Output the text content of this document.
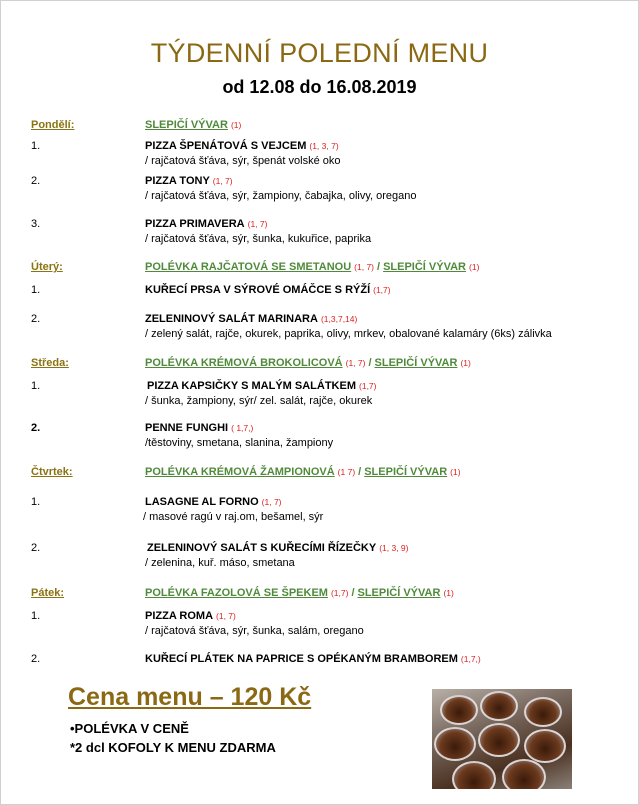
TÝDENNÍ POLEDNÍ MENU
od 12.08 do 16.08.2019
Pondělí:	SLEPIČÍ VÝVAR (1)
1.	PIZZA ŠPENÁTOVÁ S VEJCEM (1, 3, 7)
/ rajčatová šťáva, sýr, špenát volské oko
2.	PIZZA TONY (1, 7)
/ rajčatová šťáva, sýr, žampiony, čabajka, olivy, oregano
3.	PIZZA PRIMAVERA (1, 7)
/ rajčatová šťáva, sýr, šunka, kukuřice, paprika
Úterý:	POLÉVKA RAJČATOVÁ SE SMETANOU (1, 7) / SLEPIČÍ VÝVAR (1)
1.	KUŘECÍ PRSA V SÝROVÉ OMÁČCE S RÝŽÍ (1,7)
2.	ZELENINOVÝ SALÁT MARINARA (1,3,7,14)
/ zelený salát, rajče, okurek, paprika, olivy, mrkev, obalované kalamáry (6ks) zálivka
Středa:	POLÉVKA KRÉMOVÁ BROKOLICOVÁ (1, 7) / SLEPIČÍ VÝVAR (1)
1.	PIZZA KAPSIČKY S MALÝM SALÁTKEM (1,7)
/ šunka, žampiony, sýr/ zel. salát, rajče, okurek
2.	PENNE FUNGHI ( 1,7,)
/těstoviny, smetana, slanina, žampiony
Čtvrtek:	POLÉVKA KRÉMOVÁ ŽAMPIONOVÁ (1 7) / SLEPIČÍ VÝVAR (1)
1.	LASAGNE AL FORNO (1, 7)
/ masové ragú v raj.om, bešamel, sýr
2.	ZELENINOVÝ SALÁT S KUŘECÍMI ŘÍZEČKY (1, 3, 9)
/ zelenina, kuř. máso, smetana
Pátek:	POLÉVKA FAZOLOVÁ SE ŠPEKEM (1,7) / SLEPIČÍ VÝVAR (1)
1.	PIZZA ROMA (1, 7)
/ rajčatová šťáva, sýr, šunka, salám, oregano
2.	KUŘECÍ PLÁTEK NA PAPRICE S OPÉKANÝM BRAMBOREM (1,7,)
Cena menu – 120 Kč
•POLÉVKA V CENĚ
*2 dcl KOFOLY K MENU ZDARMA
